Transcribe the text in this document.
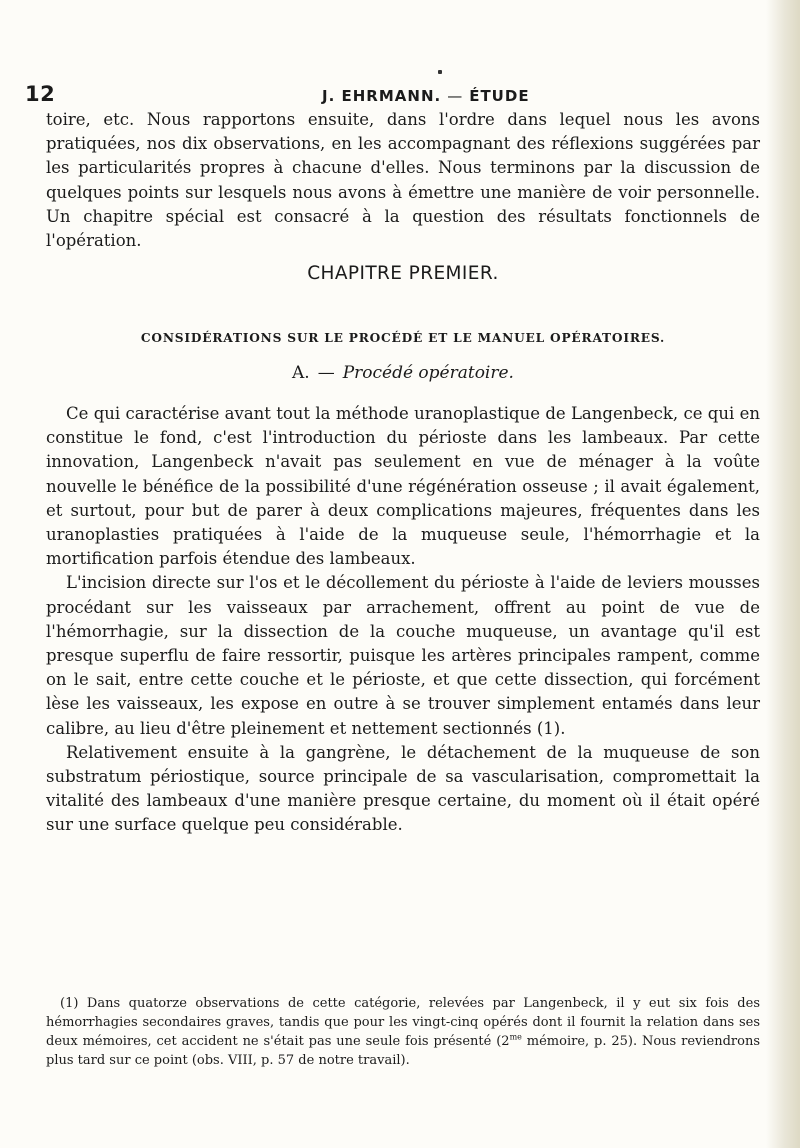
12	J. EHRMANN. — ÉTUDE

toire, etc. Nous rapportons ensuite, dans l'ordre dans lequel nous les avons pratiquées, nos dix observations, en les accompagnant des réflexions suggérées par les particularités propres à chacune d'elles. Nous terminons par la discussion de quelques points sur lesquels nous avons à émettre une manière de voir personnelle. Un chapitre spécial est consacré à la question des résultats fonctionnels de l'opération.

CHAPITRE PREMIER.
CONSIDÉRATIONS SUR LE PROCÉDÉ ET LE MANUEL OPÉRATOIRES.
A. — Procédé opératoire.

Ce qui caractérise avant tout la méthode uranoplastique de Langenbeck, ce qui en constitue le fond, c'est l'introduction du périoste dans les lambeaux. Par cette innovation, Langenbeck n'avait pas seulement en vue de ménager à la voûte nouvelle le bénéfice de la possibilité d'une régénération osseuse ; il avait également, et surtout, pour but de parer à deux complications majeures, fréquentes dans les uranoplasties pratiquées à l'aide de la muqueuse seule, l'hémorrhagie et la mortification parfois étendue des lambeaux.

L'incision directe sur l'os et le décollement du périoste à l'aide de leviers mousses procédant sur les vaisseaux par arrachement, offrent au point de vue de l'hémorrhagie, sur la dissection de la couche muqueuse, un avantage qu'il est presque superflu de faire ressortir, puisque les artères principales rampent, comme on le sait, entre cette couche et le périoste, et que cette dissection, qui forcément lèse les vaisseaux, les expose en outre à se trouver simplement entamés dans leur calibre, au lieu d'être pleinement et nettement sectionnés (1).

Relativement ensuite à la gangrène, le détachement de la muqueuse de son substratum périostique, source principale de sa vascularisation, compromettait la vitalité des lambeaux d'une manière presque certaine, du moment où il était opéré sur une surface quelque peu considérable.

(1) Dans quatorze observations de cette catégorie, relevées par Langenbeck, il y eut six fois des hémorrhagies secondaires graves, tandis que pour les vingt-cinq opérés dont il fournit la relation dans ses deux mémoires, cet accident ne s'était pas une seule fois présenté ($2^{me}$ mémoire, p. 25). Nous reviendrons plus tard sur ce point (obs. VIII, p. 57 de notre travail).
